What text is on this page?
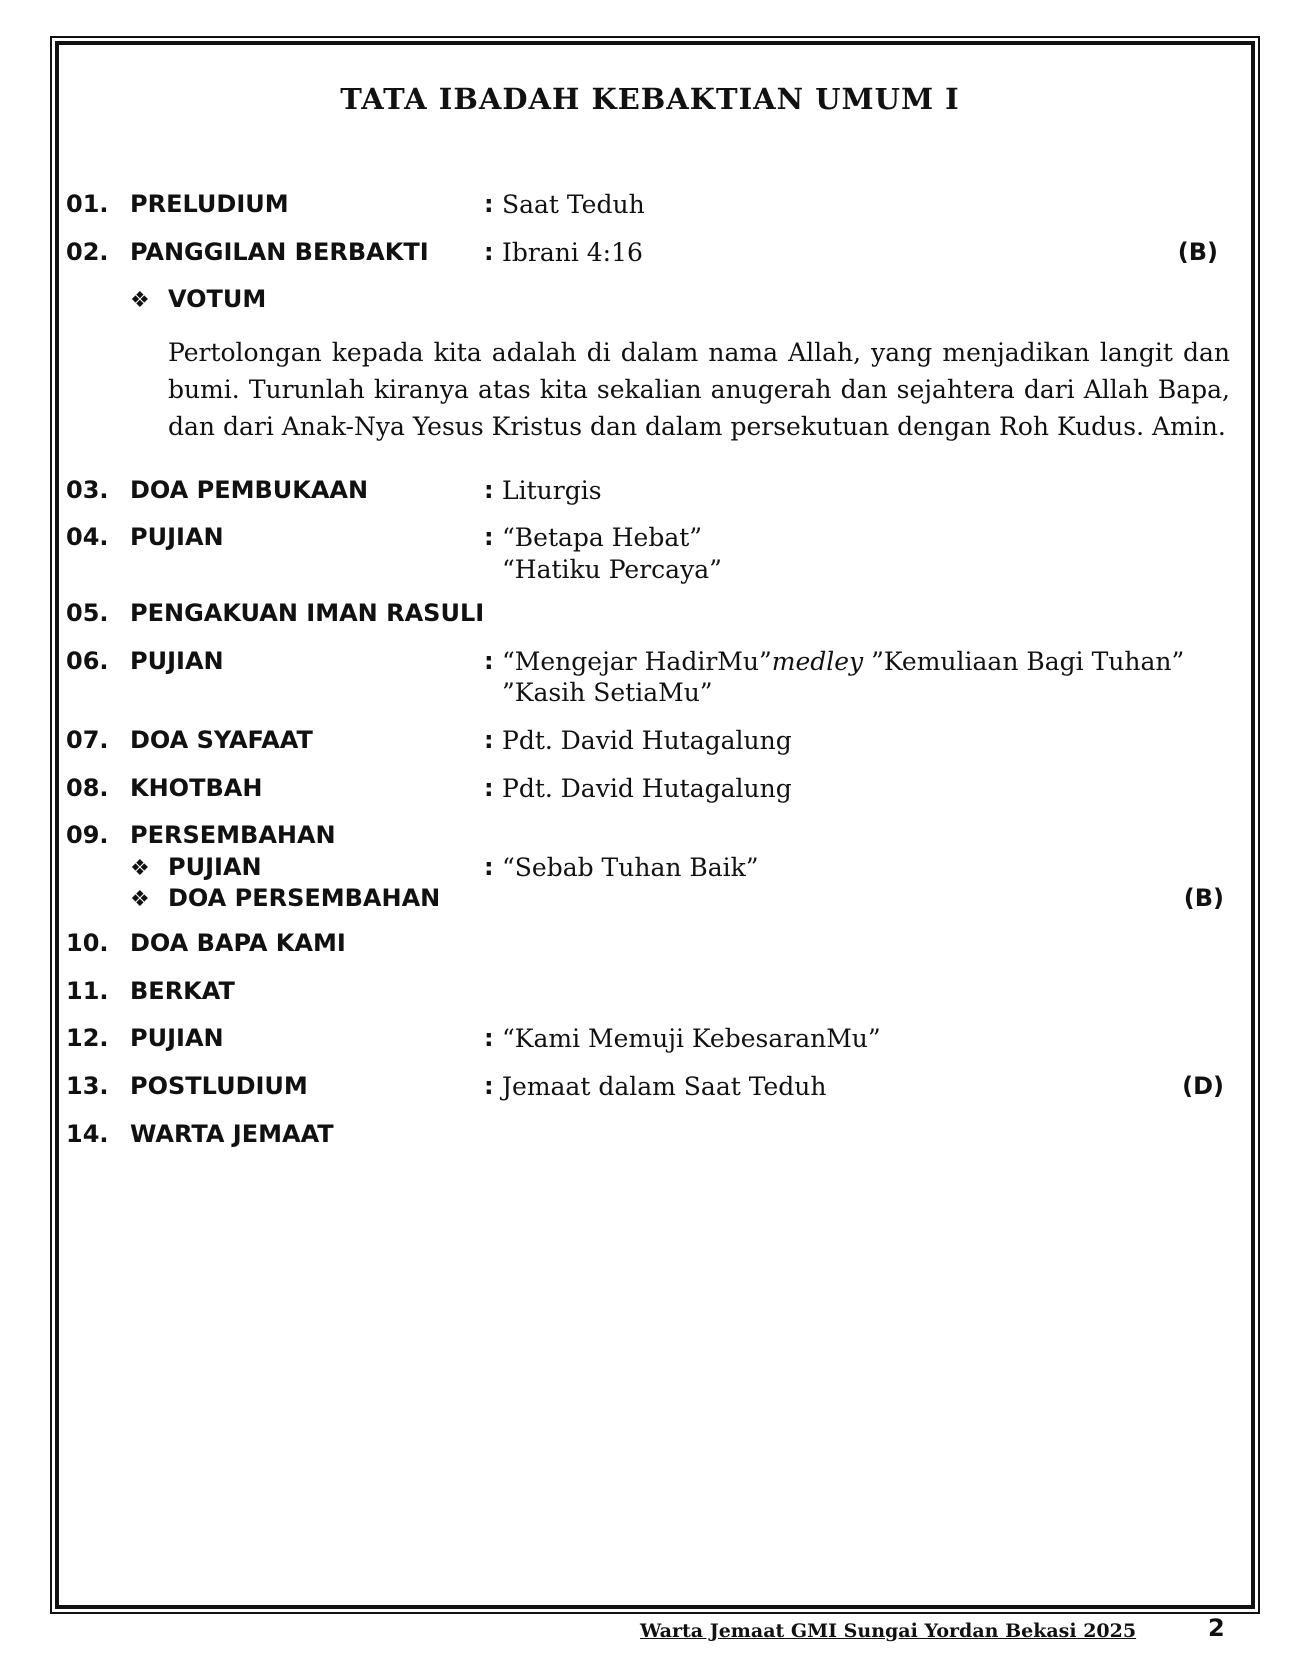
TATA IBADAH KEBAKTIAN UMUM I
01. PRELUDIUM	: Saat Teduh
02. PANGGILAN BERBAKTI : Ibrani 4:16	(B)
❖ VOTUM
Pertolongan kepada kita adalah di dalam nama Allah, yang menjadikan langit dan bumi. Turunlah kiranya atas kita sekalian anugerah dan sejahtera dari Allah Bapa, dan dari Anak-Nya Yesus Kristus dan dalam persekutuan dengan Roh Kudus. Amin.
03. DOA PEMBUKAAN	: Liturgis
04. PUJIAN	: “Betapa Hebat”
“Hatiku Percaya”
05. PENGAKUAN IMAN RASULI
06. PUJIAN	: “Mengejar HadirMu”medley ”Kemuliaan Bagi Tuhan”
”Kasih SetiaMu”
07. DOA SYAFAAT	: Pdt. David Hutagalung
08. KHOTBAH	: Pdt. David Hutagalung
09. PERSEMBAHAN
❖ PUJIAN	: “Sebab Tuhan Baik”
❖ DOA PERSEMBAHAN	(B)
10. DOA BAPA KAMI
11. BERKAT
12. PUJIAN	: “Kami Memuji KebesaranMu”
13. POSTLUDIUM	: Jemaat dalam Saat Teduh	(D)
14. WARTA JEMAAT
Warta Jemaat GMI Sungai Yordan Bekasi 2025	2
